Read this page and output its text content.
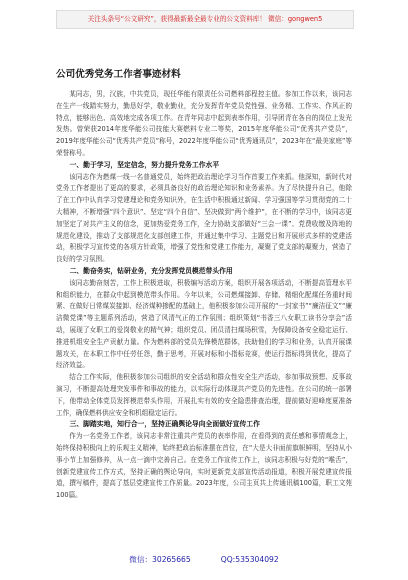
关注头条号“公文研究”，获得最新最全最专业的公文资料库！ 微信：gongwen5
公司优秀党务工作者事迹材料

某同志，男，汉族，中共党员，现任华能有限责任公司燃料部程控主值。参加工作以来，该同志在生产一线踏实努力，勤恳好学，敬业勤业，充分发挥青年党员党性强、业务精、工作实、作风正的特点，能够出色、高效地完成各项工作。在青年同志中起到表率作用，引导团青在各自的岗位上发光发热。曾荣获2014年度华能公司技能大赛燃料专业二等奖，2015年度华能公司“优秀共产党员”，2019年度华能公司“优秀共产党员”称号，2022年度华能公司“优秀通讯员”，2023年在“最美家庭”等荣誉称号。

一、勤于学习，坚定信念，努力提升党务工作水平

该同志作为燃煤一线一名普通党员，始终把政治理论学习当作首要工作来抓。他深知，新时代对党务工作者提出了更高的要求，必须具备良好的政治理论知识和业务素养。为了尽快提升自己，他除了在工作中认真学习党建理论和党务知识外，在生活中积极通过新闻、学习强国等学习贯彻党的二十大精神，不断增强“四个意识”、坚定“四个自信”、坚决做到“两个维护”，在不断的学习中，该同志更加坚定了对共产主义的信念，更加热爱党务工作，全力协助支部做好“三会一课”、党费收缴及阵地的规范化建设，推动了支部规范化支部创建工作，并通过集中学习、主题党日和开展形式多样的党建活动，积极学习宣传党的各项方针政策，增强了党性和党建工作能力，凝聚了党支部的凝聚力，营造了良好的学习氛围。

二、勤奋务实，钻研业务，充分发挥党员模范带头作用

该同志勤奋刻苦，工作上积极进取，积极编写活动方案，组织开展各项活动，不断提高管理水平和组织能力，在群众中起到模范带头作用。今年以来，公司燃煤接卸、存储、精细化配煤任务重时间紧、在做好日常煤炭接卸、经济煤种掺配的基础上，他积极参加公司开展的“一封家书”“廉洁征文”“廉洁微党课”等主题系列活动，营造了风清气正的工作氛围；组织策划“书香三八女职工读书分享会”活动，展现了女职工的爱岗敬业的精气神；组织党员、团员清扫煤场积雪，为保障设备安全稳定运行、推进机组安全生产贡献力量。作为燃料部的党员先锋模范群体，扶助他们的学习和业务，认真开展课题攻关，在本职工作中任劳任怨，勤于思考，开展对标和小指标竞赛，使运行指标得到优化，提高了经济效益。

结合工作实际，他积极参加公司组织的安全活动和群众性安全生产活动，参加事故预想、反事故演习，不断提高处理突发事件和事故的能力，以实际行动体现共产党员的先进性。在公司的统一部署下，他带动全体党员发挥模范带头作用，开展扎实有效的安全隐患排查治理，提前做好迎峰度夏准备工作，确保燃料供应安全和机组稳定运行。

三、脚踏实地，知行合一，坚持正确舆论导向全面做好宣传工作

作为一名党务工作者，该同志非常注重共产党员的表率作用，在看得到的责任感和事情观念上，始终保持积极向上的乐观主义精神，始终把政治标准摆在首位，在“大是大非面前旗帜鲜明，坚持从小事小节上加强修养，从一点一滴中完善自己。在党务工作宣传工作上，该同志积极与好党的“喉舌”，创新党建宣传工作方式，坚持正确的舆论导向，实时更新党支部宣传活动报道，积极开展党建宣传报道，撰写稿件，提高了基层党建宣传工作质量。2023年度，公司主页共上传通讯稿100篇，职工文苑100篇。

微信：30265665	QQ:535304092
